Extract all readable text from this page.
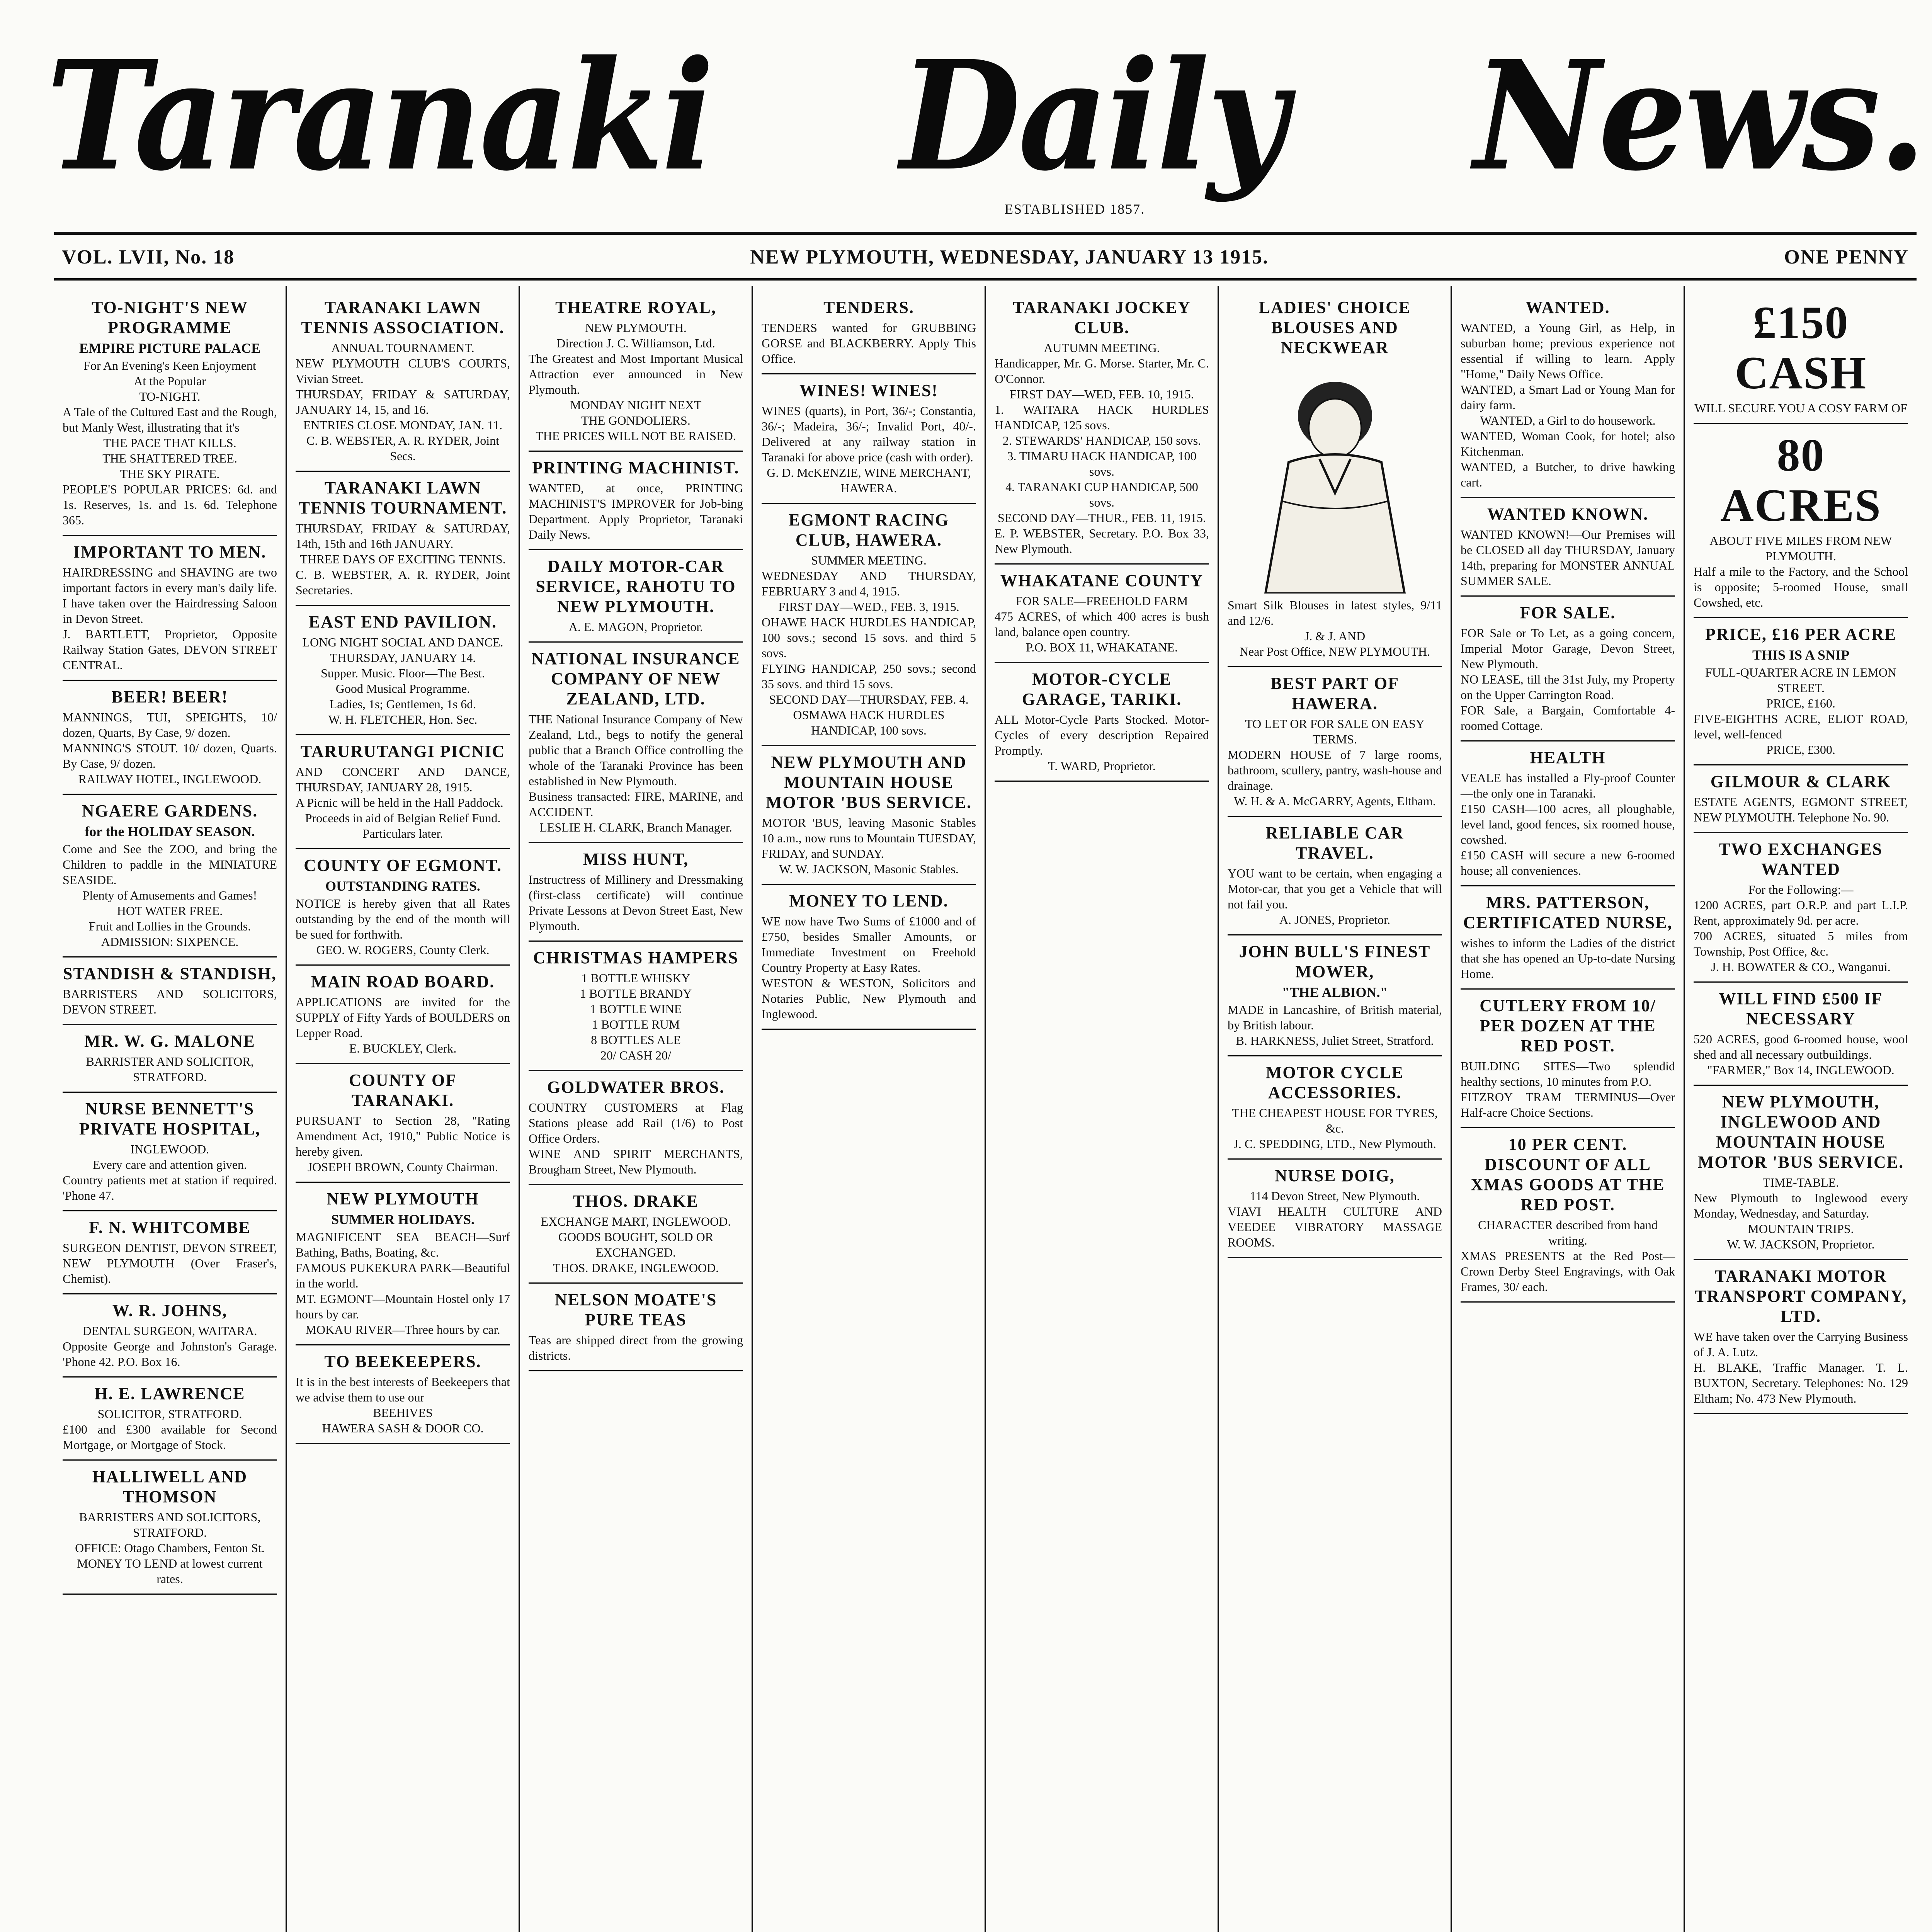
Taranaki Daily News.
ESTABLISHED 1857.
VOL. LVII, No. 18	NEW PLYMOUTH, WEDNESDAY, JANUARY 13 1915.	ONE PENNY
TO-NIGHT'S NEW PROGRAMME
EMPIRE PICTURE PALACE
For An Evening's Keen Enjoyment
At the Popular
TO-NIGHT.
A Tale of the Cultured East and the Rough, but Manly West, illustrating that it's
THE PACE THAT KILLS.
THE SHATTERED TREE.
THE SKY PIRATE.
PEOPLE'S POPULAR PRICES: 6d. and 1s. Reserves, 1s. and 1s. 6d. Telephone 365.
IMPORTANT TO MEN.
HAIRDRESSING and SHAVING are two important factors in every man's daily life. I have taken over the Hairdressing Saloon in Devon Street.
J. BARTLETT, Proprietor, Opposite Railway Station Gates, DEVON STREET CENTRAL.
BEER! BEER!
MANNINGS, TUI, SPEIGHTS, 10/ dozen, Quarts, By Case, 9/ dozen.
MANNING'S STOUT. 10/ dozen, Quarts. By Case, 9/ dozen.
RAILWAY HOTEL, INGLEWOOD.
NGAERE GARDENS.
for the HOLIDAY SEASON.
Come and See the ZOO, and bring the Children to paddle in the MINIATURE SEASIDE.
Plenty of Amusements and Games!
HOT WATER FREE.
Fruit and Lollies in the Grounds.
ADMISSION: SIXPENCE.
STANDISH & STANDISH,
BARRISTERS AND SOLICITORS, DEVON STREET.
MR. W. G. MALONE
BARRISTER AND SOLICITOR, STRATFORD.
NURSE BENNETT'S PRIVATE HOSPITAL,
INGLEWOOD.
Every care and attention given.
Country patients met at station if required. 'Phone 47.
F. N. WHITCOMBE
SURGEON DENTIST, DEVON STREET, NEW PLYMOUTH (Over Fraser's, Chemist).
W. R. JOHNS,
DENTAL SURGEON, WAITARA.
Opposite George and Johnston's Garage. 'Phone 42. P.O. Box 16.
H. E. LAWRENCE
SOLICITOR, STRATFORD.
£100 and £300 available for Second Mortgage, or Mortgage of Stock.
HALLIWELL AND THOMSON
BARRISTERS AND SOLICITORS, STRATFORD.
OFFICE: Otago Chambers, Fenton St.
MONEY TO LEND at lowest current rates.
TARANAKI LAWN TENNIS ASSOCIATION.
ANNUAL TOURNAMENT.
NEW PLYMOUTH CLUB'S COURTS, Vivian Street.
THURSDAY, FRIDAY & SATURDAY, JANUARY 14, 15, and 16.
ENTRIES CLOSE MONDAY, JAN. 11.
C. B. WEBSTER, A. R. RYDER, Joint Secs.
TARANAKI LAWN TENNIS TOURNAMENT.
THURSDAY, FRIDAY & SATURDAY, 14th, 15th and 16th JANUARY.
THREE DAYS OF EXCITING TENNIS.
C. B. WEBSTER, A. R. RYDER, Joint Secretaries.
EAST END PAVILION.
LONG NIGHT SOCIAL AND DANCE.
THURSDAY, JANUARY 14.
Supper. Music. Floor—The Best.
Good Musical Programme.
Ladies, 1s; Gentlemen, 1s 6d.
W. H. FLETCHER, Hon. Sec.
TARURUTANGI PICNIC
AND CONCERT AND DANCE, THURSDAY, JANUARY 28, 1915.
A Picnic will be held in the Hall Paddock.
Proceeds in aid of Belgian Relief Fund.
Particulars later.
COUNTY OF EGMONT.
OUTSTANDING RATES.
NOTICE is hereby given that all Rates outstanding by the end of the month will be sued for forthwith.
GEO. W. ROGERS, County Clerk.
MAIN ROAD BOARD.
APPLICATIONS are invited for the SUPPLY of Fifty Yards of BOULDERS on Lepper Road.
E. BUCKLEY, Clerk.
COUNTY OF TARANAKI.
PURSUANT to Section 28, "Rating Amendment Act, 1910," Public Notice is hereby given.
JOSEPH BROWN, County Chairman.
NEW PLYMOUTH
SUMMER HOLIDAYS.
MAGNIFICENT SEA BEACH—Surf Bathing, Baths, Boating, &c.
FAMOUS PUKEKURA PARK—Beautiful in the world.
MT. EGMONT—Mountain Hostel only 17 hours by car.
MOKAU RIVER—Three hours by car.
TO BEEKEEPERS.
It is in the best interests of Beekeepers that we advise them to use our
BEEHIVES
HAWERA SASH & DOOR CO.
THEATRE ROYAL,
NEW PLYMOUTH.
Direction J. C. Williamson, Ltd.
The Greatest and Most Important Musical Attraction ever announced in New Plymouth.
MONDAY NIGHT NEXT
THE GONDOLIERS.
THE PRICES WILL NOT BE RAISED.
PRINTING MACHINIST.
WANTED, at once, PRINTING MACHINIST'S IMPROVER for Job-bing Department. Apply Proprietor, Taranaki Daily News.
DAILY MOTOR-CAR SERVICE, RAHOTU TO NEW PLYMOUTH.
A. E. MAGON, Proprietor.
NATIONAL INSURANCE COMPANY OF NEW ZEALAND, LTD.
THE National Insurance Company of New Zealand, Ltd., begs to notify the general public that a Branch Office controlling the whole of the Taranaki Province has been established in New Plymouth.
Business transacted: FIRE, MARINE, and ACCIDENT.
LESLIE H. CLARK, Branch Manager.
MISS HUNT,
Instructress of Millinery and Dressmaking (first-class certificate) will continue Private Lessons at Devon Street East, New Plymouth.
CHRISTMAS HAMPERS
1 BOTTLE WHISKY
1 BOTTLE BRANDY
1 BOTTLE WINE
1 BOTTLE RUM
8 BOTTLES ALE
20/ CASH 20/
GOLDWATER BROS.
COUNTRY CUSTOMERS at Flag Stations please add Rail (1/6) to Post Office Orders.
WINE AND SPIRIT MERCHANTS, Brougham Street, New Plymouth.
THOS. DRAKE
EXCHANGE MART, INGLEWOOD.
GOODS BOUGHT, SOLD OR EXCHANGED.
THOS. DRAKE, INGLEWOOD.
NELSON MOATE'S PURE TEAS
Teas are shipped direct from the growing districts.
TENDERS.
TENDERS wanted for GRUBBING GORSE and BLACKBERRY. Apply This Office.
WINES! WINES!
WINES (quarts), in Port, 36/-; Constantia, 36/-; Madeira, 36/-; Invalid Port, 40/-. Delivered at any railway station in Taranaki for above price (cash with order).
G. D. McKENZIE, WINE MERCHANT, HAWERA.
EGMONT RACING CLUB, HAWERA.
SUMMER MEETING.
WEDNESDAY AND THURSDAY, FEBRUARY 3 and 4, 1915.
FIRST DAY—WED., FEB. 3, 1915.
OHAWE HACK HURDLES HANDICAP, 100 sovs.; second 15 sovs. and third 5 sovs.
FLYING HANDICAP, 250 sovs.; second 35 sovs. and third 15 sovs.
SECOND DAY—THURSDAY, FEB. 4.
OSMAWA HACK HURDLES HANDICAP, 100 sovs.
NEW PLYMOUTH AND MOUNTAIN HOUSE MOTOR 'BUS SERVICE.
MOTOR 'BUS, leaving Masonic Stables 10 a.m., now runs to Mountain TUESDAY, FRIDAY, and SUNDAY.
W. W. JACKSON, Masonic Stables.
MONEY TO LEND.
WE now have Two Sums of £1000 and of £750, besides Smaller Amounts, or Immediate Investment on Freehold Country Property at Easy Rates.
WESTON & WESTON, Solicitors and Notaries Public, New Plymouth and Inglewood.
TARANAKI JOCKEY CLUB.
AUTUMN MEETING.
Handicapper, Mr. G. Morse. Starter, Mr. C. O'Connor.
FIRST DAY—WED, FEB. 10, 1915.
1. WAITARA HACK HURDLES HANDICAP, 125 sovs.
2. STEWARDS' HANDICAP, 150 sovs.
3. TIMARU HACK HANDICAP, 100 sovs.
4. TARANAKI CUP HANDICAP, 500 sovs.
SECOND DAY—THUR., FEB. 11, 1915.
E. P. WEBSTER, Secretary. P.O. Box 33, New Plymouth.
WHAKATANE COUNTY
FOR SALE—FREEHOLD FARM
475 ACRES, of which 400 acres is bush land, balance open country.
P.O. BOX 11, WHAKATANE.
MOTOR-CYCLE GARAGE, TARIKI.
ALL Motor-Cycle Parts Stocked. Motor-Cycles of every description Repaired Promptly.
T. WARD, Proprietor.
LADIES' CHOICE BLOUSES AND NECKWEAR
Smart Silk Blouses in latest styles, 9/11 and 12/6.
J. & J. AND
Near Post Office, NEW PLYMOUTH.
BEST PART OF HAWERA.
TO LET OR FOR SALE ON EASY TERMS.
MODERN HOUSE of 7 large rooms, bathroom, scullery, pantry, wash-house and drainage.
W. H. & A. McGARRY, Agents, Eltham.
RELIABLE CAR TRAVEL.
YOU want to be certain, when engaging a Motor-car, that you get a Vehicle that will not fail you.
A. JONES, Proprietor.
JOHN BULL'S FINEST MOWER,
"THE ALBION."
MADE in Lancashire, of British material, by British labour.
B. HARKNESS, Juliet Street, Stratford.
MOTOR CYCLE ACCESSORIES.
THE CHEAPEST HOUSE FOR TYRES, &c.
J. C. SPEDDING, LTD., New Plymouth.
NURSE DOIG,
114 Devon Street, New Plymouth.
VIAVI HEALTH CULTURE AND VEEDEE VIBRATORY MASSAGE ROOMS.
WANTED.
WANTED, a Young Girl, as Help, in suburban home; previous experience not essential if willing to learn. Apply "Home," Daily News Office.
WANTED, a Smart Lad or Young Man for dairy farm.
WANTED, a Girl to do housework.
WANTED, Woman Cook, for hotel; also Kitchenman.
WANTED, a Butcher, to drive hawking cart.
WANTED KNOWN.
WANTED KNOWN!—Our Premises will be CLOSED all day THURSDAY, January 14th, preparing for MONSTER ANNUAL SUMMER SALE.
FOR SALE.
FOR Sale or To Let, as a going concern, Imperial Motor Garage, Devon Street, New Plymouth.
NO LEASE, till the 31st July, my Property on the Upper Carrington Road.
FOR Sale, a Bargain, Comfortable 4-roomed Cottage.
HEALTH
VEALE has installed a Fly-proof Counter—the only one in Taranaki.
£150 CASH—100 acres, all ploughable, level land, good fences, six roomed house, cowshed.
£150 CASH will secure a new 6-roomed house; all conveniences.
MRS. PATTERSON, CERTIFICATED NURSE,
wishes to inform the Ladies of the district that she has opened an Up-to-date Nursing Home.
CUTLERY FROM 10/ PER DOZEN AT THE RED POST.
BUILDING SITES—Two splendid healthy sections, 10 minutes from P.O.
FITZROY TRAM TERMINUS—Over Half-acre Choice Sections.
10 PER CENT. DISCOUNT OF ALL XMAS GOODS AT THE RED POST.
CHARACTER described from hand writing.
XMAS PRESENTS at the Red Post—Crown Derby Steel Engravings, with Oak Frames, 30/ each.
£150 CASH
WILL SECURE YOU A COSY FARM OF
80 ACRES
ABOUT FIVE MILES FROM NEW PLYMOUTH.
Half a mile to the Factory, and the School is opposite; 5-roomed House, small Cowshed, etc.
PRICE, £16 PER ACRE
THIS IS A SNIP
FULL-QUARTER ACRE IN LEMON STREET.
PRICE, £160.
FIVE-EIGHTHS ACRE, ELIOT ROAD, level, well-fenced
PRICE, £300.
GILMOUR & CLARK
ESTATE AGENTS, EGMONT STREET, NEW PLYMOUTH. Telephone No. 90.
TWO EXCHANGES WANTED
For the Following:—
1200 ACRES, part O.R.P. and part L.I.P. Rent, approximately 9d. per acre.
700 ACRES, situated 5 miles from Township, Post Office, &c.
J. H. BOWATER & CO., Wanganui.
WILL FIND £500 IF NECESSARY
520 ACRES, good 6-roomed house, wool shed and all necessary outbuildings.
"FARMER," Box 14, INGLEWOOD.
NEW PLYMOUTH, INGLEWOOD AND MOUNTAIN HOUSE MOTOR 'BUS SERVICE.
TIME-TABLE.
New Plymouth to Inglewood every Monday, Wednesday, and Saturday.
MOUNTAIN TRIPS.
W. W. JACKSON, Proprietor.
TARANAKI MOTOR TRANSPORT COMPANY, LTD.
WE have taken over the Carrying Business of J. A. Lutz.
H. BLAKE, Traffic Manager. T. L. BUXTON, Secretary. Telephones: No. 129 Eltham; No. 473 New Plymouth.
